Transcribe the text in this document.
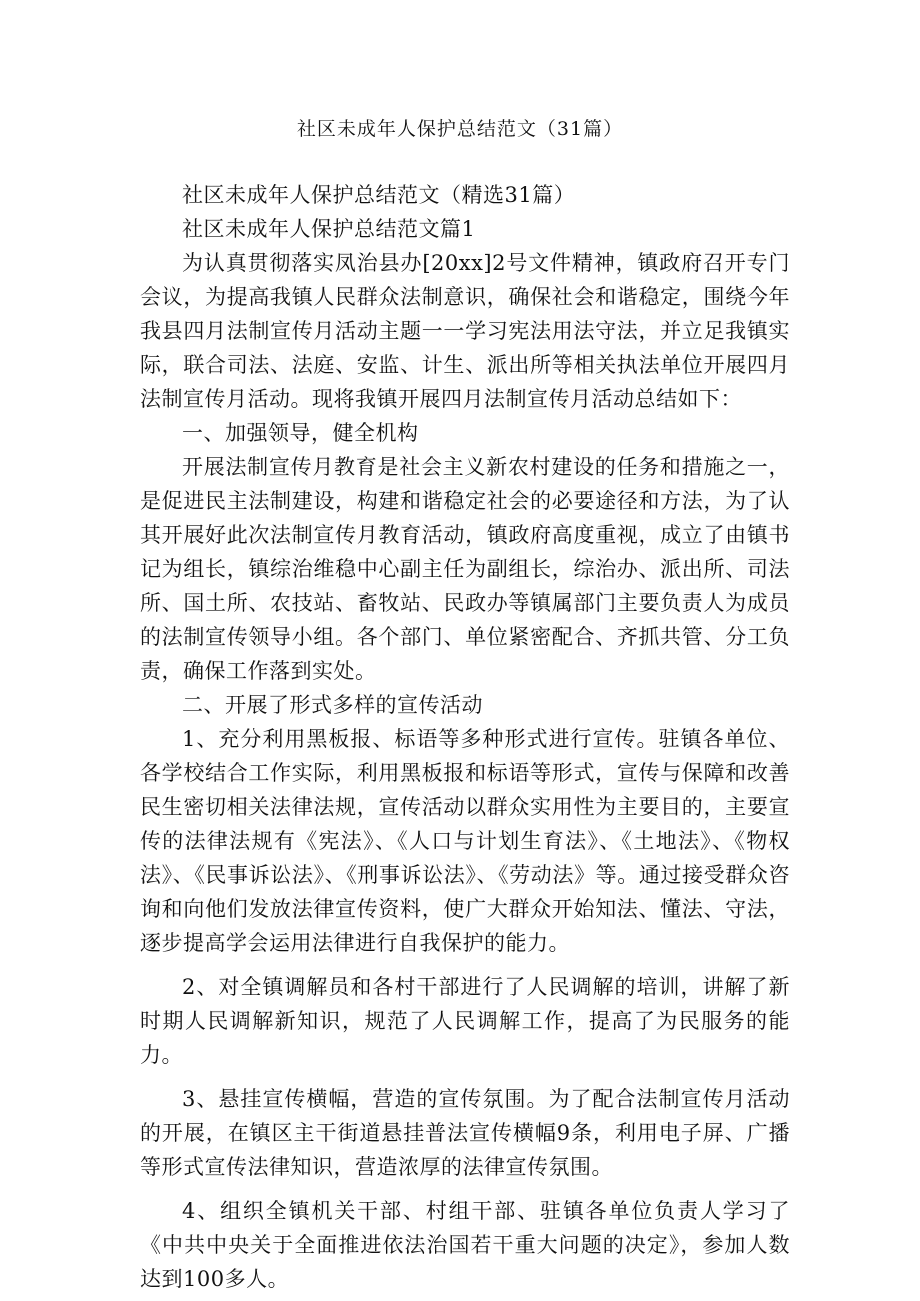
社区未成年人保护总结范文（31篇）

社区未成年人保护总结范文（精选31篇）

社区未成年人保护总结范文篇1

为认真贯彻落实凤治县办[20xx]2号文件精神，镇政府召开专门会议，为提高我镇人民群众法制意识，确保社会和谐稳定，围绕今年我县四月法制宣传月活动主题一一学习宪法用法守法，并立足我镇实际，联合司法、法庭、安监、计生、派出所等相关执法单位开展四月法制宣传月活动。现将我镇开展四月法制宣传月活动总结如下：

一、加强领导，健全机构

开展法制宣传月教育是社会主义新农村建设的任务和措施之一，是促进民主法制建设，构建和谐稳定社会的必要途径和方法，为了认其开展好此次法制宣传月教育活动，镇政府高度重视，成立了由镇书记为组长，镇综治维稳中心副主任为副组长，综治办、派出所、司法所、国土所、农技站、畜牧站、民政办等镇属部门主要负责人为成员的法制宣传领导小组。各个部门、单位紧密配合、齐抓共管、分工负责，确保工作落到实处。

二、开展了形式多样的宣传活动

1、充分利用黑板报、标语等多种形式进行宣传。驻镇各单位、各学校结合工作实际，利用黑板报和标语等形式，宣传与保障和改善民生密切相关法律法规，宣传活动以群众实用性为主要目的，主要宣传的法律法规有《宪法》、《人口与计划生育法》、《土地法》、《物权法》、《民事诉讼法》、《刑事诉讼法》、《劳动法》等。通过接受群众咨询和向他们发放法律宣传资料，使广大群众开始知法、懂法、守法，逐步提高学会运用法律进行自我保护的能力。

2、对全镇调解员和各村干部进行了人民调解的培训，讲解了新时期人民调解新知识，规范了人民调解工作，提高了为民服务的能力。

3、悬挂宣传横幅，营造的宣传氛围。为了配合法制宣传月活动的开展，在镇区主干街道悬挂普法宣传横幅9条，利用电子屏、广播等形式宣传法律知识，营造浓厚的法律宣传氛围。

4、组织全镇机关干部、村组干部、驻镇各单位负责人学习了《中共中央关于全面推进依法治国若干重大问题的决定》，参加人数达到100多人。
